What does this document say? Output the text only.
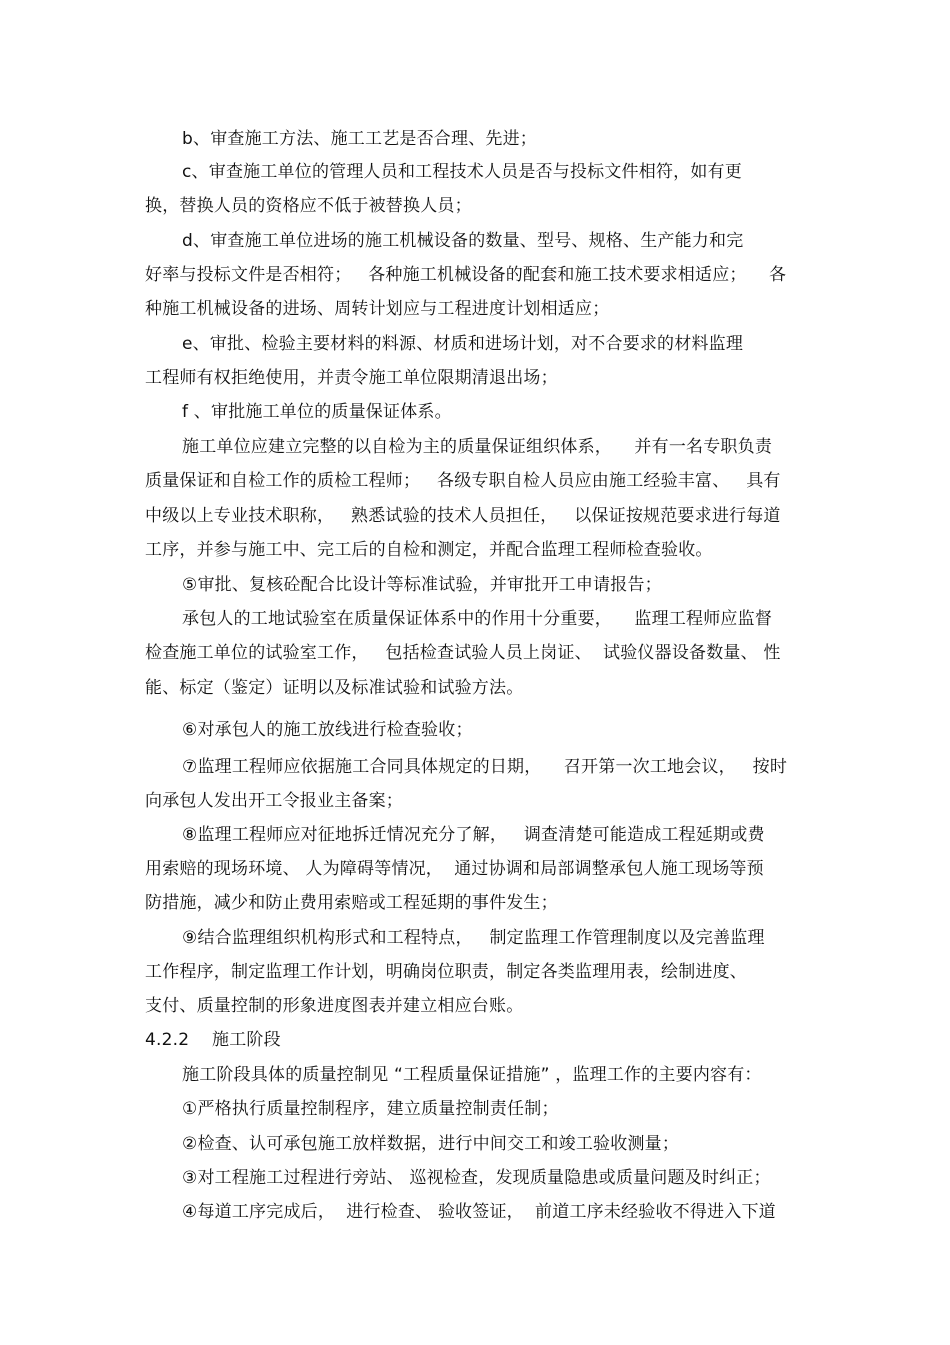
b、审查施工方法、施工工艺是否合理、先进；
c、审查施工单位的管理人员和工程技术人员是否与投标文件相符，如有更
换，替换人员的资格应不低于被替换人员；
d、审查施工单位进场的施工机械设备的数量、型号、规格、生产能力和完
好率与投标文件是否相符；   各种施工机械设备的配套和施工技术要求相适应；    各
种施工机械设备的进场、周转计划应与工程进度计划相适应；
e、审批、检验主要材料的料源、材质和进场计划，对不合要求的材料监理
工程师有权拒绝使用，并责令施工单位限期清退出场；
f 、审批施工单位的质量保证体系。
施工单位应建立完整的以自检为主的质量保证组织体系，    并有一名专职负责
质量保证和自检工作的质检工程师；   各级专职自检人员应由施工经验丰富、   具有
中级以上专业技术职称，   熟悉试验的技术人员担任，   以保证按规范要求进行每道
工序，并参与施工中、完工后的自检和测定，并配合监理工程师检查验收。
⑤审批、复核砼配合比设计等标准试验，并审批开工申请报告；
承包人的工地试验室在质量保证体系中的作用十分重要，    监理工程师应监督
检查施工单位的试验室工作，   包括检查试验人员上岗证、  试验仪器设备数量、 性
能、标定（鉴定）证明以及标准试验和试验方法。
⑥对承包人的施工放线进行检查验收；
⑦监理工程师应依据施工合同具体规定的日期，    召开第一次工地会议，   按时
向承包人发出开工令报业主备案；
⑧监理工程师应对征地拆迁情况充分了解，   调查清楚可能造成工程延期或费
用索赔的现场环境、 人为障碍等情况，  通过协调和局部调整承包人施工现场等预
防措施，减少和防止费用索赔或工程延期的事件发生；
⑨结合监理组织机构形式和工程特点，   制定监理工作管理制度以及完善监理
工作程序，制定监理工作计划，明确岗位职责，制定各类监理用表，绘制进度、
支付、质量控制的形象进度图表并建立相应台账。
4.2.2 施工阶段
施工阶段具体的质量控制见 “工程质量保证措施” ，监理工作的主要内容有：
①严格执行质量控制程序，建立质量控制责任制；
②检查、认可承包施工放样数据，进行中间交工和竣工验收测量；
③对工程施工过程进行旁站、 巡视检查，发现质量隐患或质量问题及时纠正；
④每道工序完成后，  进行检查、 验收签证，  前道工序未经验收不得进入下道
